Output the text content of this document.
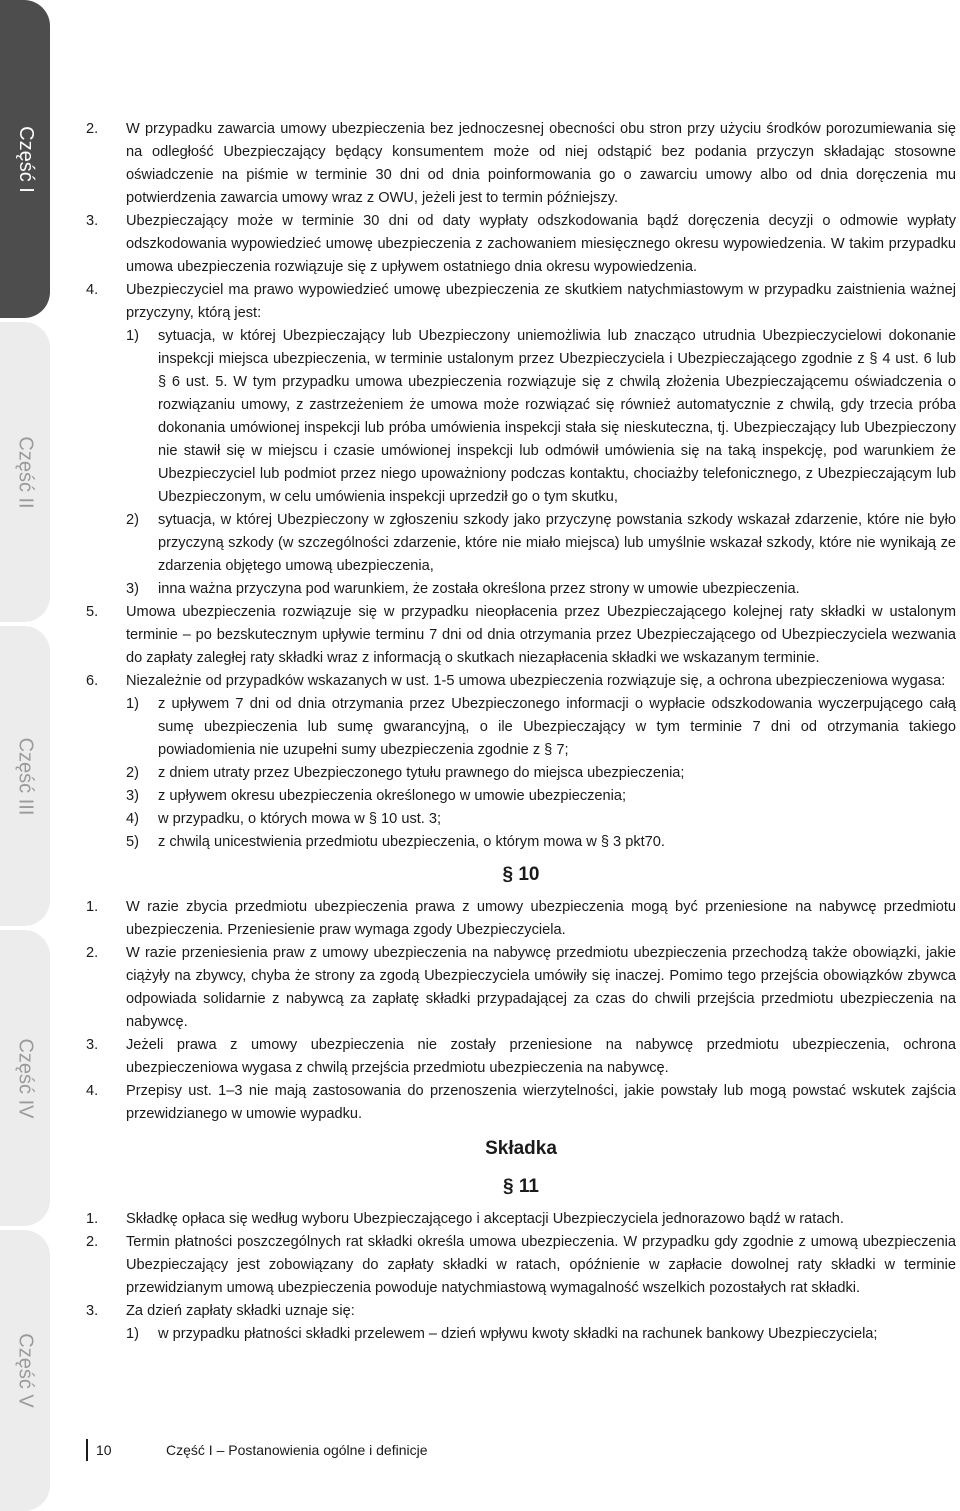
Część I
Część II
Część III
Część IV
Część V
2. W przypadku zawarcia umowy ubezpieczenia bez jednoczesnej obecności obu stron przy użyciu środków porozumiewania się na odległość Ubezpieczający będący konsumentem może od niej odstąpić bez podania przyczyn składając stosowne oświadczenie na piśmie w terminie 30 dni od dnia poinformowania go o zawarciu umowy albo od dnia doręczenia mu potwierdzenia zawarcia umowy wraz z OWU, jeżeli jest to termin późniejszy.
3. Ubezpieczający może w terminie 30 dni od daty wypłaty odszkodowania bądź doręczenia decyzji o odmowie wypłaty odszkodowania wypowiedzieć umowę ubezpieczenia z zachowaniem miesięcznego okresu wypowiedzenia. W takim przypadku umowa ubezpieczenia rozwiązuje się z upływem ostatniego dnia okresu wypowiedzenia.
4. Ubezpieczyciel ma prawo wypowiedzieć umowę ubezpieczenia ze skutkiem natychmiastowym w przypadku zaistnienia ważnej przyczyny, którą jest:
1) sytuacja, w której Ubezpieczający lub Ubezpieczony uniemożliwia lub znacząco utrudnia Ubezpieczycielowi dokonanie inspekcji miejsca ubezpieczenia, w terminie ustalonym przez Ubezpieczyciela i Ubezpieczającego zgodnie z § 4 ust. 6 lub § 6 ust. 5. W tym przypadku umowa ubezpieczenia rozwiązuje się z chwilą złożenia Ubezpieczającemu oświadczenia o rozwiązaniu umowy, z zastrzeżeniem że umowa może rozwiązać się również automatycznie z chwilą, gdy trzecia próba dokonania umówionej inspekcji lub próba umówienia inspekcji stała się nieskuteczna, tj. Ubezpieczający lub Ubezpieczony nie stawił się w miejscu i czasie umówionej inspekcji lub odmówił umówienia się na taką inspekcję, pod warunkiem że Ubezpieczyciel lub podmiot przez niego upoważniony podczas kontaktu, chociażby telefonicznego, z Ubezpieczającym lub Ubezpieczonym, w celu umówienia inspekcji uprzedził go o tym skutku,
2) sytuacja, w której Ubezpieczony w zgłoszeniu szkody jako przyczynę powstania szkody wskazał zdarzenie, które nie było przyczyną szkody (w szczególności zdarzenie, które nie miało miejsca) lub umyślnie wskazał szkody, które nie wynikają ze zdarzenia objętego umową ubezpieczenia,
3) inna ważna przyczyna pod warunkiem, że została określona przez strony w umowie ubezpieczenia.
5. Umowa ubezpieczenia rozwiązuje się w przypadku nieopłacenia przez Ubezpieczającego kolejnej raty składki w ustalonym terminie – po bezskutecznym upływie terminu 7 dni od dnia otrzymania przez Ubezpieczającego od Ubezpieczyciela wezwania do zapłaty zaległej raty składki wraz z informacją o skutkach niezapłacenia składki we wskazanym terminie.
6. Niezależnie od przypadków wskazanych w ust. 1-5 umowa ubezpieczenia rozwiązuje się, a ochrona ubezpieczeniowa wygasa:
1) z upływem 7 dni od dnia otrzymania przez Ubezpieczonego informacji o wypłacie odszkodowania wyczerpującego całą sumę ubezpieczenia lub sumę gwarancyjną, o ile Ubezpieczający w tym terminie 7 dni od otrzymania takiego powiadomienia nie uzupełni sumy ubezpieczenia zgodnie z § 7;
2) z dniem utraty przez Ubezpieczonego tytułu prawnego do miejsca ubezpieczenia;
3) z upływem okresu ubezpieczenia określonego w umowie ubezpieczenia;
4) w przypadku, o których mowa w § 10 ust. 3;
5) z chwilą unicestwienia przedmiotu ubezpieczenia, o którym mowa w § 3 pkt70.
§ 10
1. W razie zbycia przedmiotu ubezpieczenia prawa z umowy ubezpieczenia mogą być przeniesione na nabywcę przedmiotu ubezpieczenia. Przeniesienie praw wymaga zgody Ubezpieczyciela.
2. W razie przeniesienia praw z umowy ubezpieczenia na nabywcę przedmiotu ubezpieczenia przechodzą także obowiązki, jakie ciążyły na zbywcy, chyba że strony za zgodą Ubezpieczyciela umówiły się inaczej. Pomimo tego przejścia obowiązków zbywca odpowiada solidarnie z nabywcą za zapłatę składki przypadającej za czas do chwili przejścia przedmiotu ubezpieczenia na nabywcę.
3. Jeżeli prawa z umowy ubezpieczenia nie zostały przeniesione na nabywcę przedmiotu ubezpieczenia, ochrona ubezpieczeniowa wygasa z chwilą przejścia przedmiotu ubezpieczenia na nabywcę.
4. Przepisy ust. 1–3 nie mają zastosowania do przenoszenia wierzytelności, jakie powstały lub mogą powstać wskutek zajścia przewidzianego w umowie wypadku.
Składka
§ 11
1. Składkę opłaca się według wyboru Ubezpieczającego i akceptacji Ubezpieczyciela jednorazowo bądź w ratach.
2. Termin płatności poszczególnych rat składki określa umowa ubezpieczenia. W przypadku gdy zgodnie z umową ubezpieczenia Ubezpieczający jest zobowiązany do zapłaty składki w ratach, opóźnienie w zapłacie dowolnej raty składki w terminie przewidzianym umową ubezpieczenia powoduje natychmiastową wymagalność wszelkich pozostałych rat składki.
3. Za dzień zapłaty składki uznaje się:
1) w przypadku płatności składki przelewem – dzień wpływu kwoty składki na rachunek bankowy Ubezpieczyciela;
10	Część I – Postanowienia ogólne i definicje
